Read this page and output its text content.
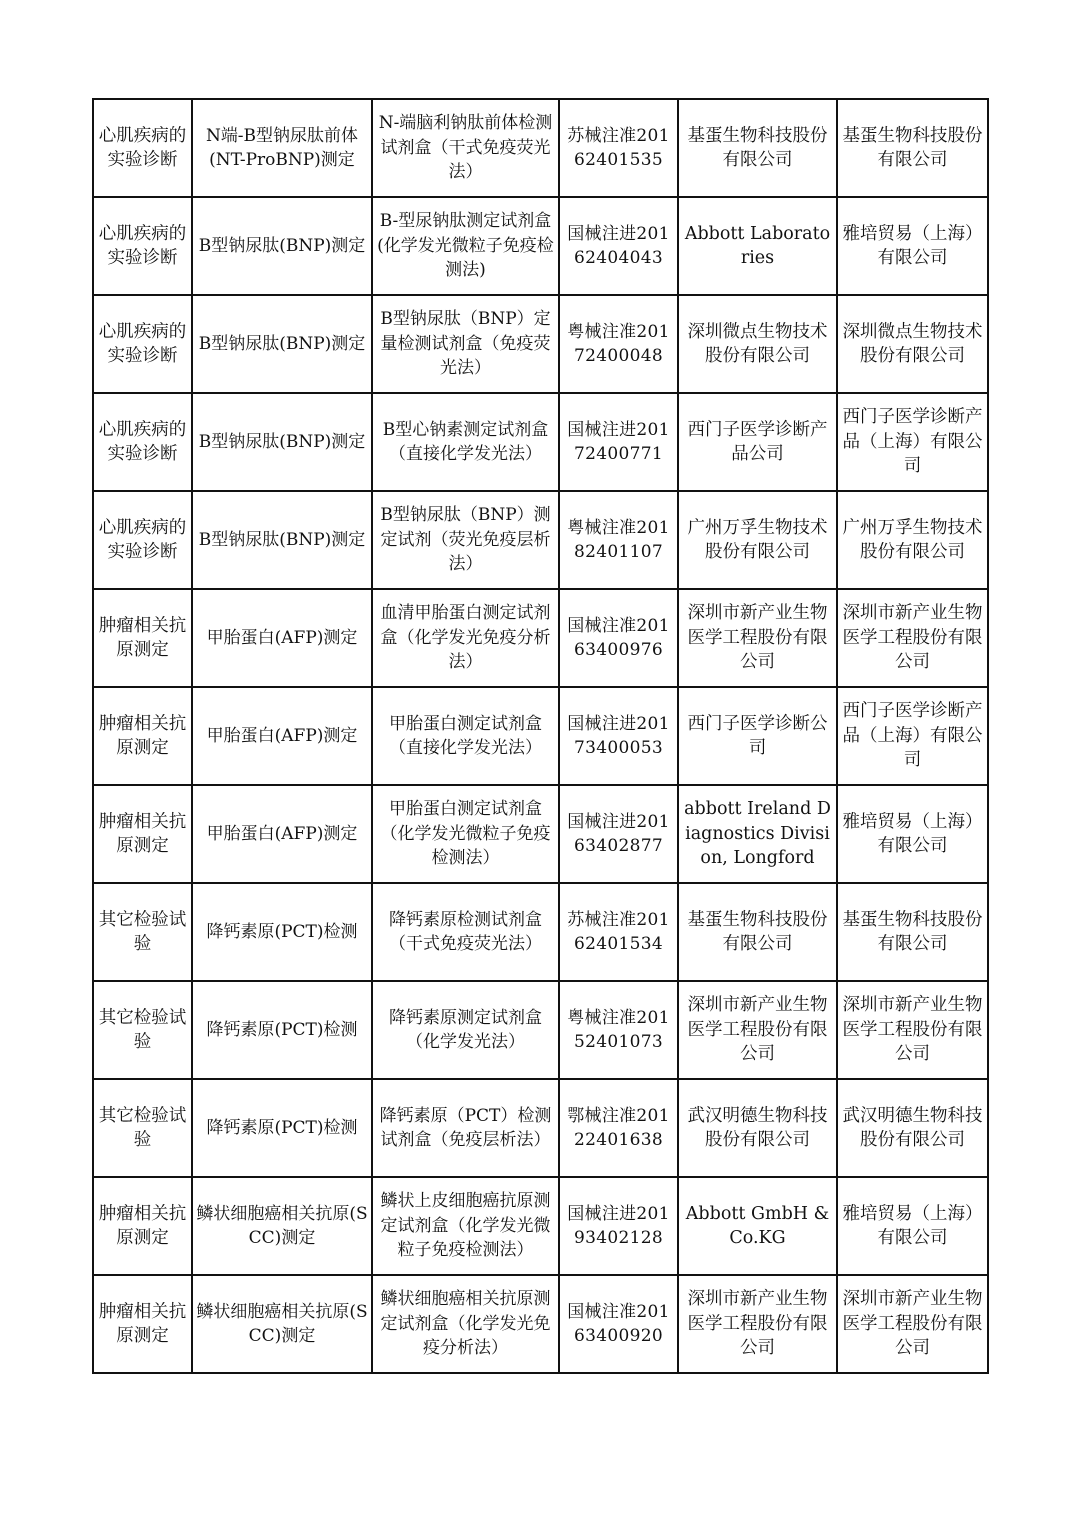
心肌疾病的实验诊断	N端-B型钠尿肽前体(NT-ProBNP)测定	N-端脑利钠肽前体检测试剂盒（干式免疫荧光法）	苏械注准20162401535	基蛋生物科技股份有限公司	基蛋生物科技股份有限公司
心肌疾病的实验诊断	B型钠尿肽(BNP)测定	B-型尿钠肽测定试剂盒(化学发光微粒子免疫检测法)	国械注进20162404043	Abbott Laboratories	雅培贸易（上海）有限公司
心肌疾病的实验诊断	B型钠尿肽(BNP)测定	B型钠尿肽（BNP）定量检测试剂盒（免疫荧光法）	粤械注准20172400048	深圳微点生物技术股份有限公司	深圳微点生物技术股份有限公司
心肌疾病的实验诊断	B型钠尿肽(BNP)测定	B型心钠素测定试剂盒（直接化学发光法）	国械注进20172400771	西门子医学诊断产品公司	西门子医学诊断产品（上海）有限公司
心肌疾病的实验诊断	B型钠尿肽(BNP)测定	B型钠尿肽（BNP）测定试剂（荧光免疫层析法）	粤械注准20182401107	广州万孚生物技术股份有限公司	广州万孚生物技术股份有限公司
肿瘤相关抗原测定	甲胎蛋白(AFP)测定	血清甲胎蛋白测定试剂盒（化学发光免疫分析法）	国械注准20163400976	深圳市新产业生物医学工程股份有限公司	深圳市新产业生物医学工程股份有限公司
肿瘤相关抗原测定	甲胎蛋白(AFP)测定	甲胎蛋白测定试剂盒（直接化学发光法）	国械注进20173400053	西门子医学诊断公司	西门子医学诊断产品（上海）有限公司
肿瘤相关抗原测定	甲胎蛋白(AFP)测定	甲胎蛋白测定试剂盒（化学发光微粒子免疫检测法）	国械注进20163402877	abbott Ireland Diagnostics Division, Longford	雅培贸易（上海）有限公司
其它检验试验	降钙素原(PCT)检测	降钙素原检测试剂盒（干式免疫荧光法）	苏械注准20162401534	基蛋生物科技股份有限公司	基蛋生物科技股份有限公司
其它检验试验	降钙素原(PCT)检测	降钙素原测定试剂盒（化学发光法）	粤械注准20152401073	深圳市新产业生物医学工程股份有限公司	深圳市新产业生物医学工程股份有限公司
其它检验试验	降钙素原(PCT)检测	降钙素原（PCT）检测试剂盒（免疫层析法）	鄂械注准20122401638	武汉明德生物科技股份有限公司	武汉明德生物科技股份有限公司
肿瘤相关抗原测定	鳞状细胞癌相关抗原(SCC)测定	鳞状上皮细胞癌抗原测定试剂盒（化学发光微粒子免疫检测法）	国械注进20193402128	Abbott GmbH & Co.KG	雅培贸易（上海）有限公司
肿瘤相关抗原测定	鳞状细胞癌相关抗原(SCC)测定	鳞状细胞癌相关抗原测定试剂盒（化学发光免疫分析法）	国械注准20163400920	深圳市新产业生物医学工程股份有限公司	深圳市新产业生物医学工程股份有限公司
